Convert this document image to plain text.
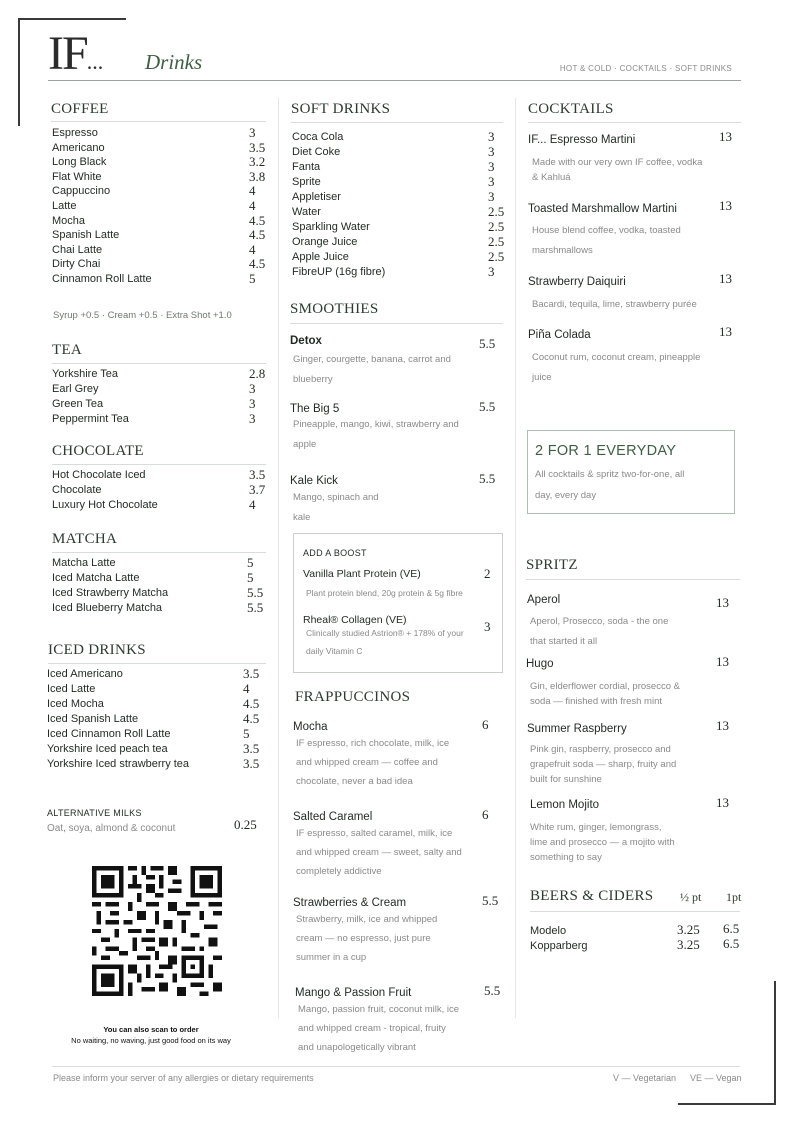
IF... Drinks	HOT & COLD · COCKTAILS · SOFT DRINKS
COFFEE
Espresso	3
Americano	3.5
Long Black	3.2
Flat White	3.8
Cappuccino	4
Latte	4
Mocha	4.5
Spanish Latte	4.5
Chai Latte	4
Dirty Chai	4.5
Cinnamon Roll Latte	5
Syrup +0.5 · Cream +0.5 · Extra Shot +1.0
TEA
Yorkshire Tea	2.8
Earl Grey	3
Green Tea	3
Peppermint Tea	3
CHOCOLATE
Hot Chocolate Iced	3.5
Chocolate	3.7
Luxury Hot Chocolate	4
MATCHA
Matcha Latte	5
Iced Matcha Latte	5
Iced Strawberry Matcha	5.5
Iced Blueberry Matcha	5.5
ICED DRINKS
Iced Americano	3.5
Iced Latte	4
Iced Mocha	4.5
Iced Spanish Latte	4.5
Iced Cinnamon Roll Latte	5
Yorkshire Iced peach tea	3.5
Yorkshire Iced strawberry tea	3.5
ALTERNATIVE MILKS
Oat, soya, almond & coconut	0.25
You can also scan to order
No waiting, no waving, just good food on its way
SOFT DRINKS
Coca Cola	3
Diet Coke	3
Fanta	3
Sprite	3
Appletiser	3
Water	2.5
Sparkling Water	2.5
Orange Juice	2.5
Apple Juice	2.5
FibreUP (16g fibre)	3
SMOOTHIES
Detox	5.5
Ginger, courgette, banana, carrot and
blueberry
The Big 5	5.5
Pineapple, mango, kiwi, strawberry and
apple
Kale Kick	5.5
Mango, spinach and
kale
ADD A BOOST
Vanilla Plant Protein (VE)	2
Plant protein blend, 20g protein & 5g fibre
Rheal® Collagen (VE)	3
Clinically studied Astrion® + 178% of your
daily Vitamin C
FRAPPUCCINOS
Mocha	6
IF espresso, rich chocolate, milk, ice
and whipped cream — coffee and
chocolate, never a bad idea
Salted Caramel	6
IF espresso, salted caramel, milk, ice
and whipped cream — sweet, salty and
completely addictive
Strawberries & Cream	5.5
Strawberry, milk, ice and whipped
cream — no espresso, just pure
summer in a cup
Mango & Passion Fruit	5.5
Mango, passion fruit, coconut milk, ice
and whipped cream - tropical, fruity
and unapologetically vibrant
COCKTAILS
IF... Espresso Martini	13
Made with our very own IF coffee, vodka
& Kahluá
Toasted Marshmallow Martini	13
House blend coffee, vodka, toasted
marshmallows
Strawberry Daiquiri	13
Bacardi, tequila, lime, strawberry purée
Piña Colada	13
Coconut rum, coconut cream, pineapple
juice
2 FOR 1 EVERYDAY
All cocktails & spritz two-for-one, all
day, every day
SPRITZ
Aperol	13
Aperol, Prosecco, soda - the one
that started it all
Hugo	13
Gin, elderflower cordial, prosecco &
soda — finished with fresh mint
Summer Raspberry	13
Pink gin, raspberry, prosecco and
grapefruit soda — sharp, fruity and
built for sunshine
Lemon Mojito	13
White rum, ginger, lemongrass,
lime and prosecco — a mojito with
something to say
BEERS & CIDERS ½ pt 1pt
Modelo	3.25 6.5
Kopparberg	3.25 6.5
Please inform your server of any allergies or dietary requirements	V — Vegetarian VE — Vegan
